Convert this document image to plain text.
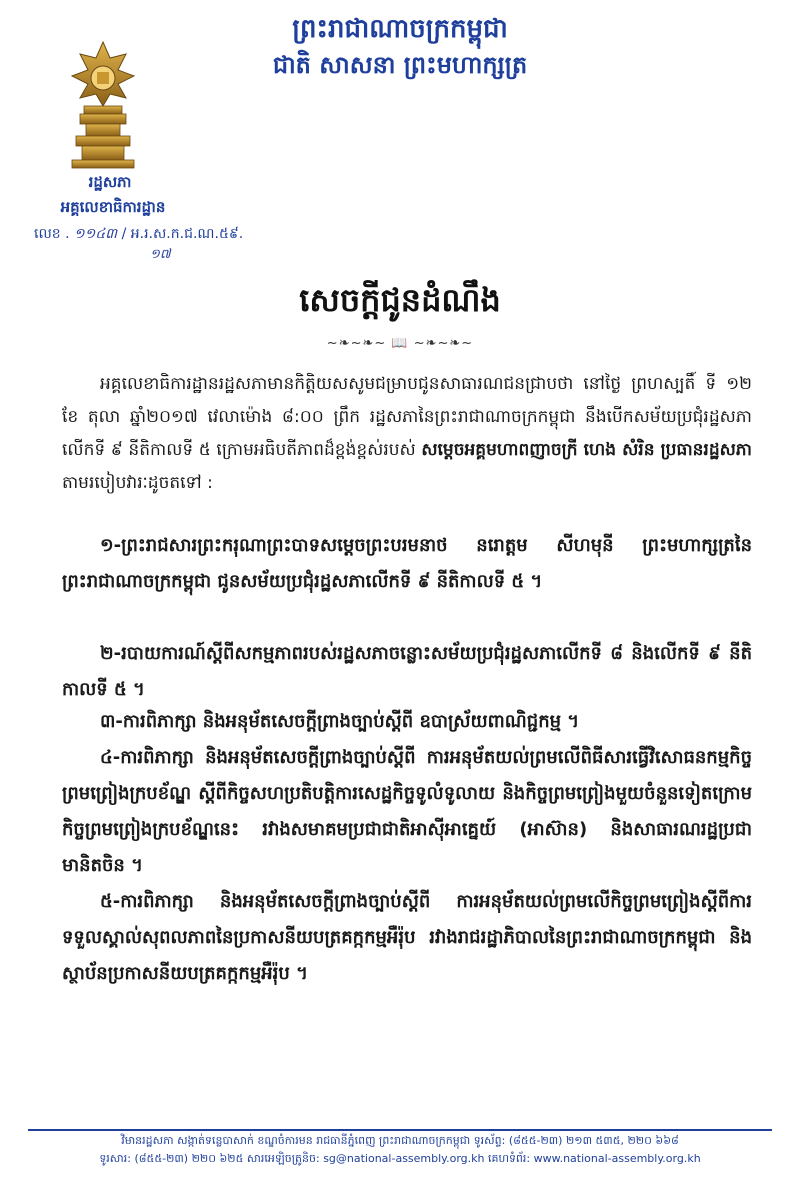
ព្រះរាជាណាចក្រកម្ពុជា
ជាតិ សាសនា ព្រះមហាក្សត្រ
រដ្ឋសភា
អគ្គលេខាធិការដ្ឋាន
លេខ . ១១៤៣ / អ.រ.ស.ក.ជ.ណ.៥៩.
១៧
សេចក្តីជូនដំណឹង
~❧~❧~ 📖 ~❧~❧~
អគ្គលេខាធិការដ្ឋានរដ្ឋសភាមានកិត្តិយសសូមជម្រាបជូនសាធារណជនជ្រាបថា នៅថ្ងៃ ព្រហស្បតិ៍ ទី ១២ ខែ តុលា ឆ្នាំ២០១៧ វេលាម៉ោង ៨:០០ ព្រឹក រដ្ឋសភានៃព្រះរាជាណាចក្រកម្ពុជា នឹងបើកសម័យប្រជុំរដ្ឋសភាលើកទី ៩ នីតិកាលទី ៥ ក្រោមអធិបតីភាពដ៏ខ្ពង់ខ្ពស់របស់ សម្តេចអគ្គមហាពញាចក្រី ហេង សំរិន ប្រធានរដ្ឋសភា តាមរបៀបវារៈដូចតទៅ :
១-ព្រះរាជសារព្រះករុណាព្រះបាទសម្តេចព្រះបរមនាថ នរោត្តម សីហមុនី ព្រះមហាក្សត្រនៃព្រះរាជាណាចក្រកម្ពុជា ជូនសម័យប្រជុំរដ្ឋសភាលើកទី ៩ នីតិកាលទី ៥ ។
២-របាយការណ៍ស្តីពីសកម្មភាពរបស់រដ្ឋសភាចន្លោះសម័យប្រជុំរដ្ឋសភាលើកទី ៨ និងលើកទី ៩ នីតិកាលទី ៥ ។
៣-ការពិភាក្សា និងអនុម័តសេចក្តីព្រាងច្បាប់ស្តីពី ឧបាស្រ័យពាណិជ្ជកម្ម ។
៤-ការពិភាក្សា និងអនុម័តសេចក្តីព្រាងច្បាប់ស្តីពី ការអនុម័តយល់ព្រមលើពិធីសារធ្វើវិសោធនកម្មកិច្ចព្រមព្រៀងក្របខ័ណ្ឌ ស្តីពីកិច្ចសហប្រតិបត្តិការសេដ្ឋកិច្ចទូលំទូលាយ និងកិច្ចព្រមព្រៀងមួយចំនួនទៀតក្រោមកិច្ចព្រមព្រៀងក្របខ័ណ្ឌនេះ រវាងសមាគមប្រជាជាតិអាស៊ីអាគ្នេយ៍ (អាស៊ាន) និងសាធារណរដ្ឋប្រជាមានិតចិន ។
៥-ការពិភាក្សា និងអនុម័តសេចក្តីព្រាងច្បាប់ស្តីពី ការអនុម័តយល់ព្រមលើកិច្ចព្រមព្រៀងស្តីពីការទទួលស្គាល់សុពលភាពនៃប្រកាសនីយបត្រគក្កកម្មអឺរ៉ុប រវាងរាជរដ្ឋាភិបាលនៃព្រះរាជាណាចក្រកម្ពុជា និងស្ថាប័នប្រកាសនីយបត្រគក្កកម្មអឺរ៉ុប ។
វិមានរដ្ឋសភា សង្កាត់ទន្លេបាសាក់ ខណ្ឌចំការមន រាជធានីភ្នំពេញ ព្រះរាជាណាចក្រកម្ពុជា ទូរស័ព្ទ: (៨៥៥-២៣) ២១៣ ៥៣៥, ២២០ ៦៦៨
ទូរសារ: (៨៥៥-២៣) ២២០ ៦២៥ សារអេឡិចត្រូនិច: sg@national-assembly.org.kh គេហទំព័រ: www.national-assembly.org.kh
